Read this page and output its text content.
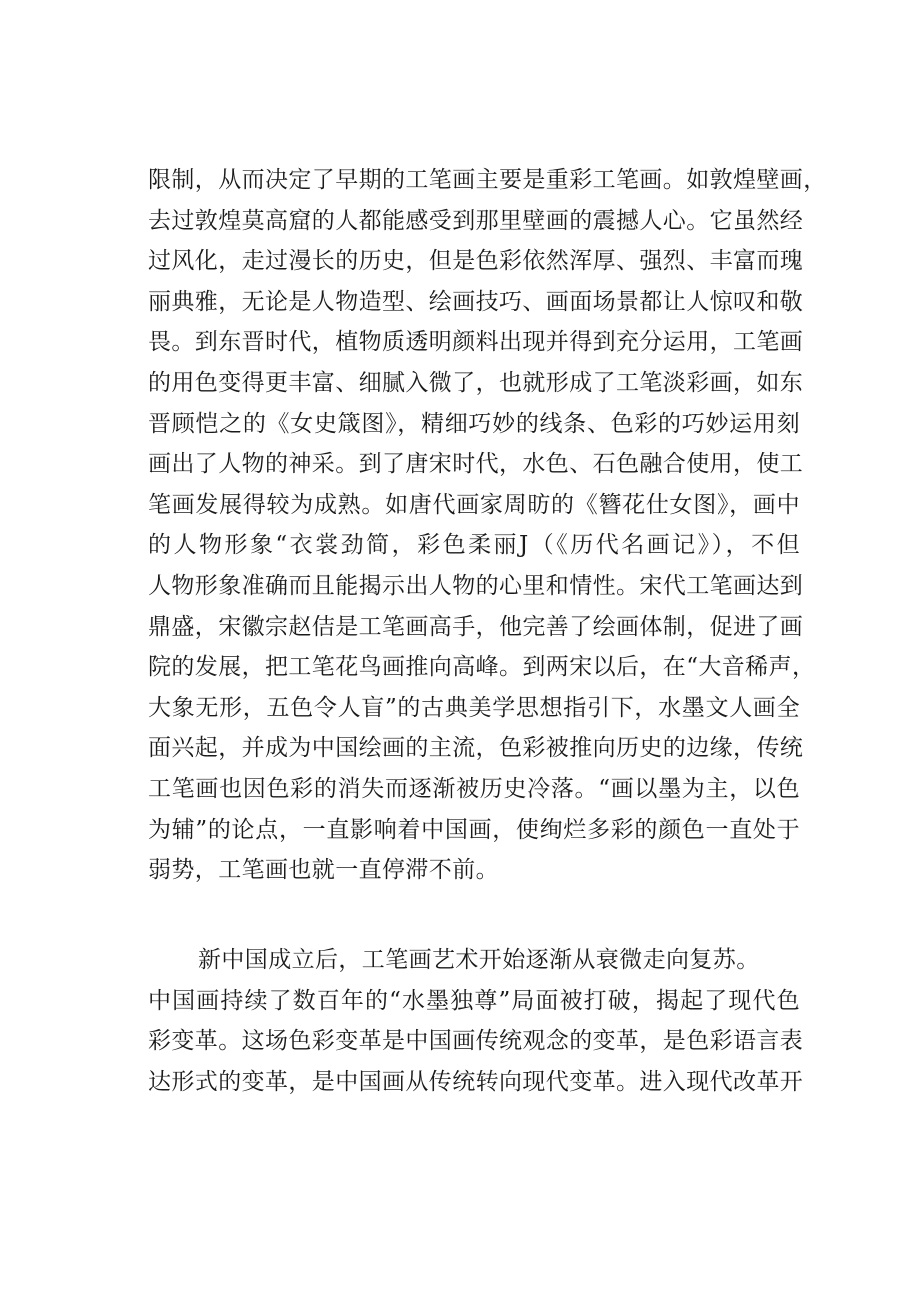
限制，从而决定了早期的工笔画主要是重彩工笔画。如敦煌壁画，
去过敦煌莫高窟的人都能感受到那里壁画的震撼人心。它虽然经
过风化，走过漫长的历史，但是色彩依然浑厚、强烈、丰富而瑰
丽典雅，无论是人物造型、绘画技巧、画面场景都让人惊叹和敬
畏。到东晋时代，植物质透明颜料出现并得到充分运用，工笔画
的用色变得更丰富、细腻入微了，也就形成了工笔淡彩画，如东
晋顾恺之的《女史箴图》，精细巧妙的线条、色彩的巧妙运用刻
画出了人物的神采。到了唐宋时代，水色、石色融合使用，使工
笔画发展得较为成熟。如唐代画家周昉的《簪花仕女图》，画中
的人物形象“衣裳劲简，彩色柔丽J（《历代名画记》），不但
人物形象准确而且能揭示出人物的心里和情性。宋代工笔画达到
鼎盛，宋徽宗赵佶是工笔画高手，他完善了绘画体制，促进了画
院的发展，把工笔花鸟画推向高峰。到两宋以后，在“大音稀声，
大象无形，五色令人盲”的古典美学思想指引下，水墨文人画全
面兴起，并成为中国绘画的主流，色彩被推向历史的边缘，传统
工笔画也因色彩的消失而逐渐被历史冷落。“画以墨为主，以色
为辅”的论点，一直影响着中国画，使绚烂多彩的颜色一直处于
弱势，工笔画也就一直停滞不前。
新中国成立后，工笔画艺术开始逐渐从衰微走向复苏。
中国画持续了数百年的“水墨独尊”局面被打破，揭起了现代色
彩变革。这场色彩变革是中国画传统观念的变革，是色彩语言表
达形式的变革，是中国画从传统转向现代变革。进入现代改革开
